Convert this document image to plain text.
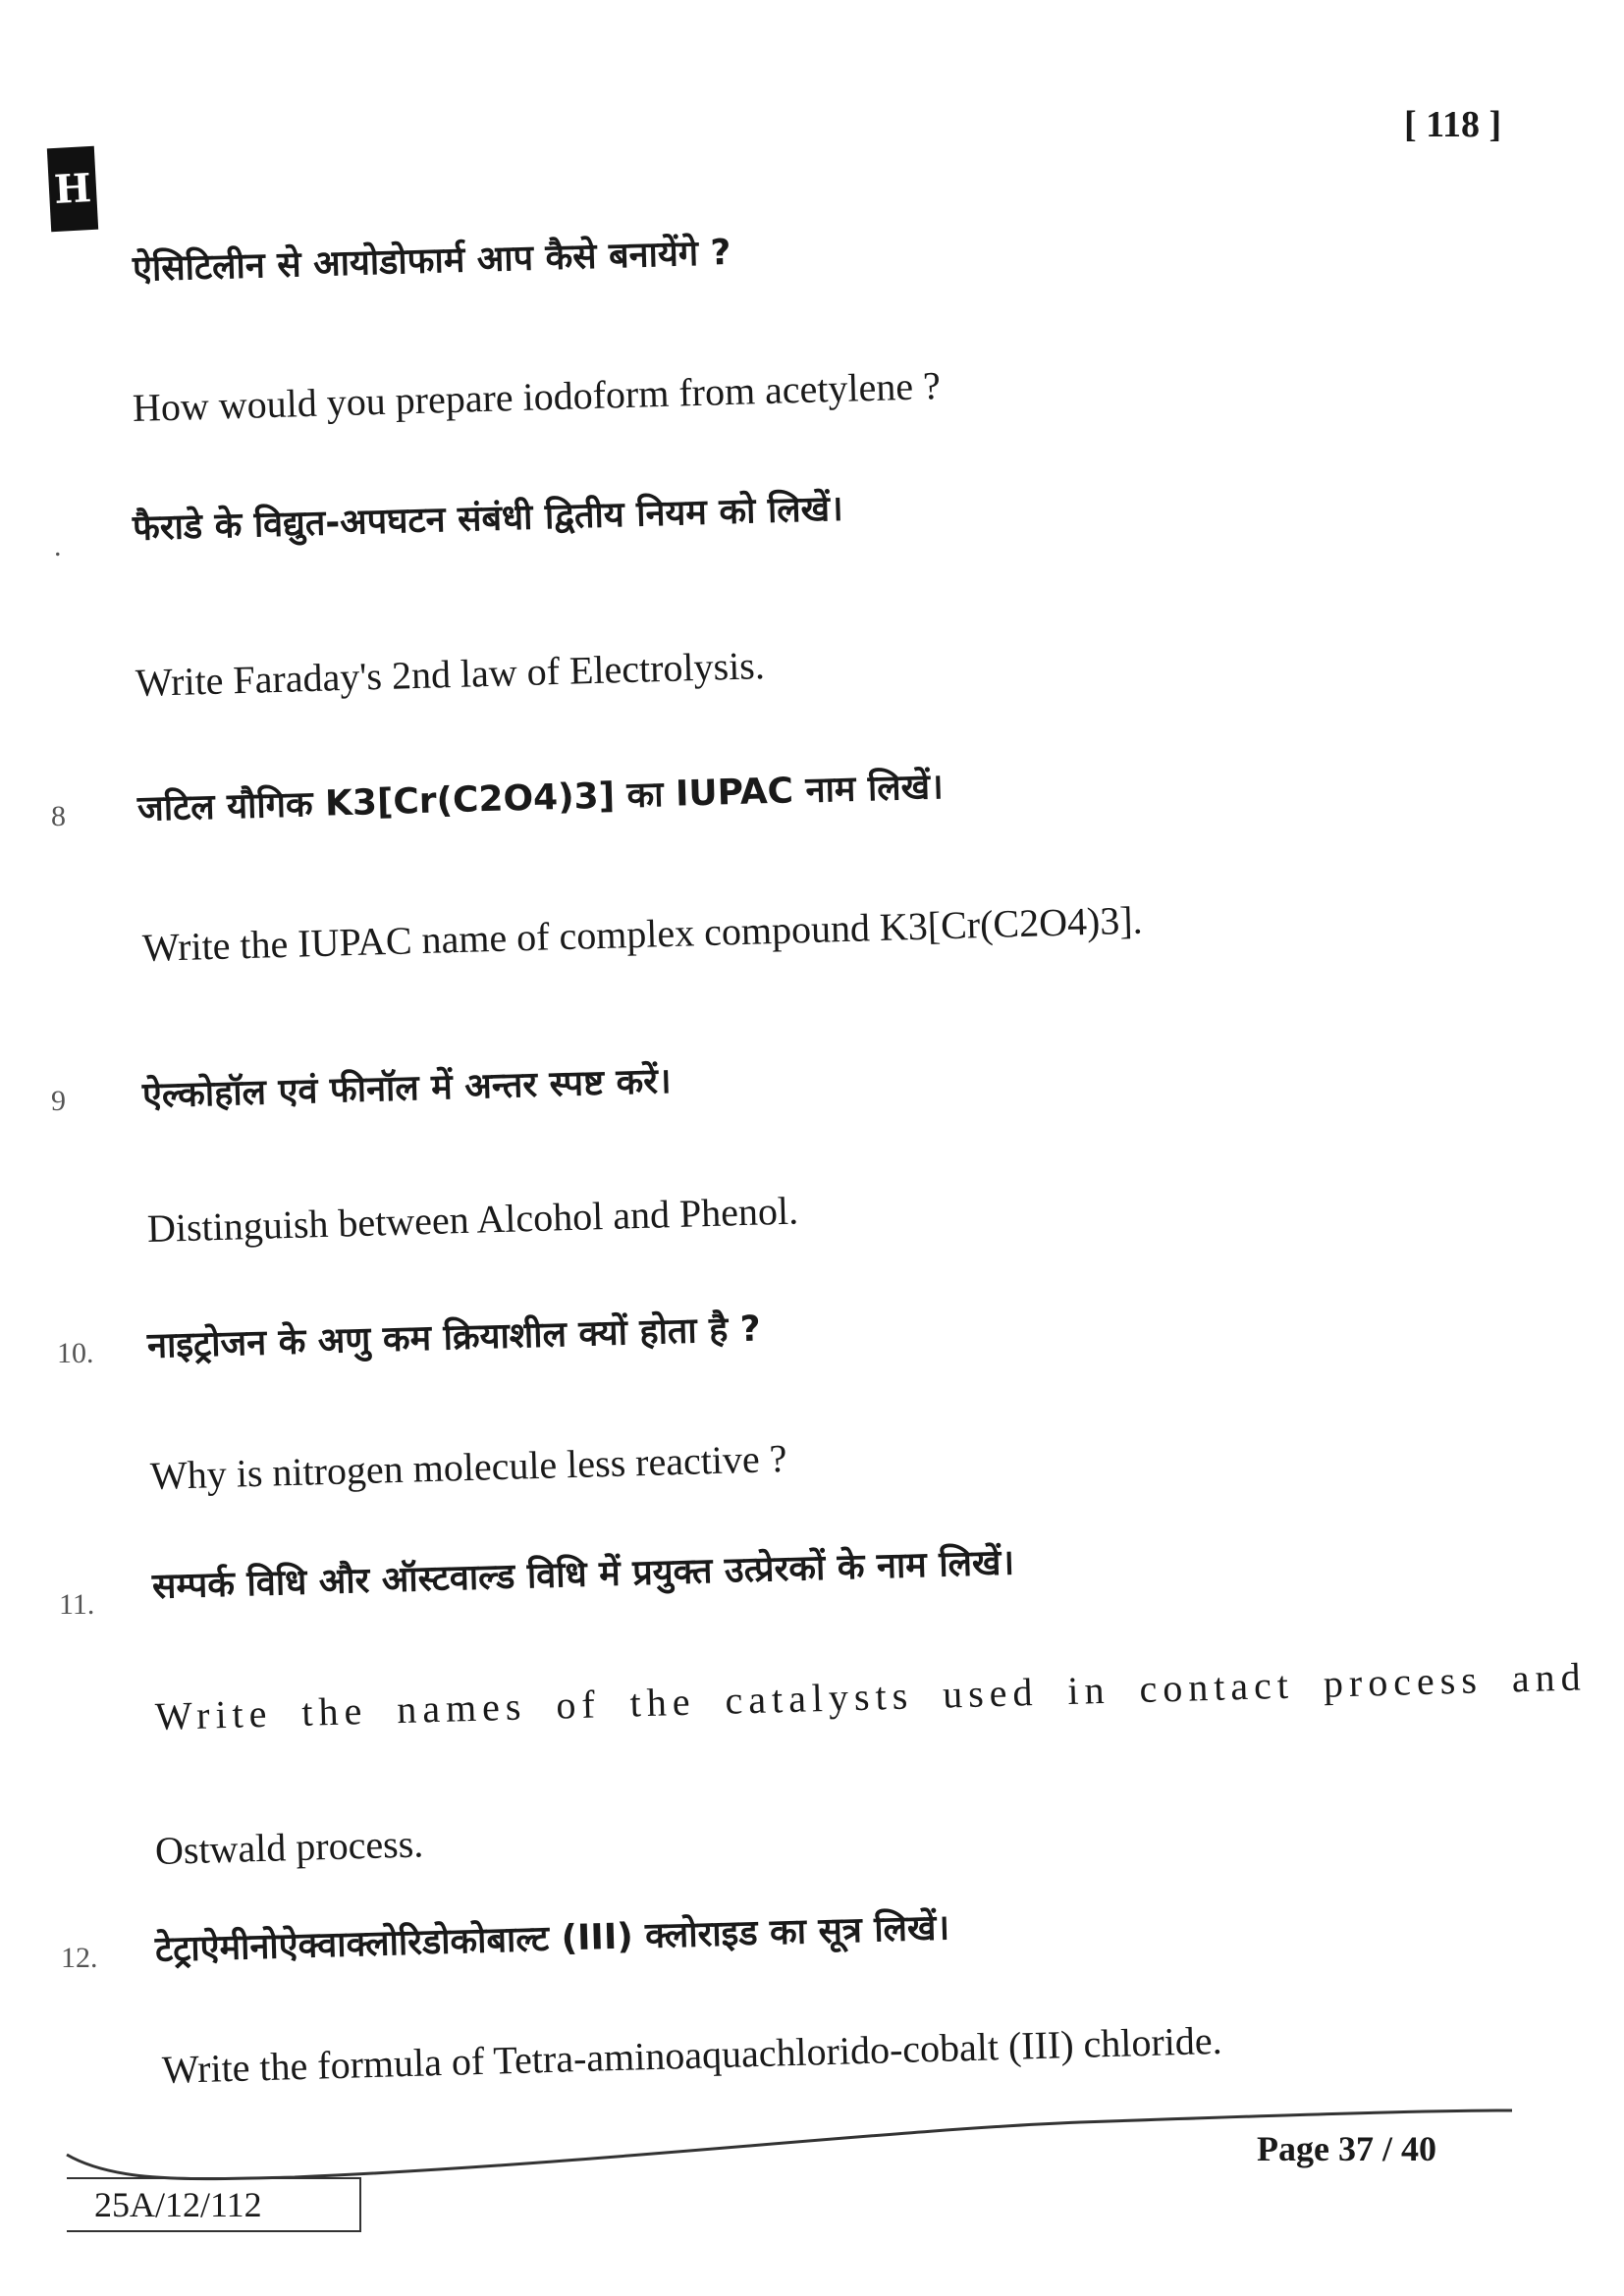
H
[ 118 ]
ऐसिटिलीन से आयोडोफार्म आप कैसे बनायेंगे ?
How would you prepare iodoform from acetylene ?
. फैराडे के विद्युत-अपघटन संबंधी द्वितीय नियम को लिखें।
Write Faraday's 2nd law of Electrolysis.
8 जटिल यौगिक K3[Cr(C2O4)3] का IUPAC नाम लिखें।
Write the IUPAC name of complex compound K3[Cr(C2O4)3].
9 ऐल्कोहॉल एवं फीनॉल में अन्तर स्पष्ट करें।
Distinguish between Alcohol and Phenol.
10. नाइट्रोजन के अणु कम क्रियाशील क्यों होता है ?
Why is nitrogen molecule less reactive ?
11. सम्पर्क विधि और ऑस्टवाल्ड विधि में प्रयुक्त उत्प्रेरकों के नाम लिखें।
Write the names of the catalysts used in contact process and
Ostwald process.
12. टेट्राऐमीनोऐक्वाक्लोरिडोकोबाल्ट (III) क्लोराइड का सूत्र लिखें।
Write the formula of Tetra-aminoaquachlorido-cobalt (III) chloride.
Page 37 / 40
25A/12/112
